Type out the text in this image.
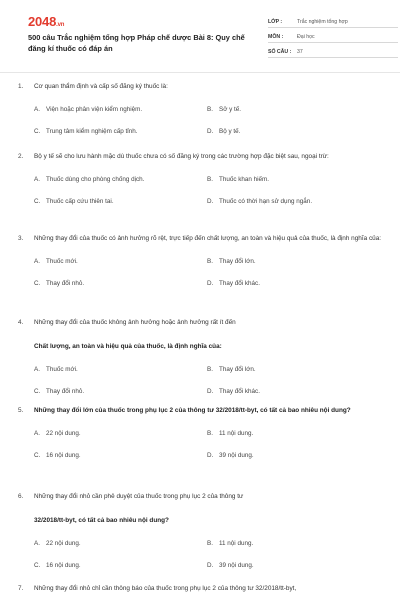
2048.vn
500 câu Trắc nghiệm tổng hợp Pháp chế dược Bài 8: Quy chế đăng kí thuốc có đáp án
LỚP :	Trắc nghiệm tổng hợp
MÔN :	Đại học
SỐ CÂU :	37
1.	Cơ quan thẩm định và cấp số đăng ký thuốc là:
A. Viện hoặc phân viện kiểm nghiệm.	B. Sở y tế.
C. Trung tâm kiểm nghiệm cấp tỉnh.	D. Bộ y tế.
2.	Bộ y tế sẽ cho lưu hành mặc dù thuốc chưa có số đăng ký trong các trường hợp đặc biệt sau, ngoại trừ:
A. Thuốc dùng cho phòng chống dịch.	B. Thuốc khan hiếm.
C. Thuốc cấp cứu thiên tai.	D. Thuốc có thời hạn sử dụng ngắn.
3.	Những thay đổi của thuốc có ảnh hưởng rõ rệt, trực tiếp đến chất lượng, an toàn và hiệu quả của thuốc, là định nghĩa của:
A. Thuốc mới.	B. Thay đổi lớn.
C. Thay đổi nhỏ.	D. Thay đổi khác.
4.	Những thay đổi của thuốc không ảnh hưởng hoặc ảnh hưởng rất ít đến
Chất lượng, an toàn và hiệu quả của thuốc, là định nghĩa của:
A. Thuốc mới.	B. Thay đổi lớn.
C. Thay đổi nhỏ.	D. Thay đổi khác.
5.	Những thay đổi lớn của thuốc trong phụ lục 2 của thông tư 32/2018/tt-byt, có tất cả bao nhiêu nội dung?
A. 22 nội dung.	B. 11 nội dung.
C. 16 nội dung.	D. 39 nội dung.
6.	Những thay đổi nhỏ cần phê duyệt của thuốc trong phụ lục 2 của thông tư
32/2018/tt-byt, có tất cả bao nhiêu nội dung?
A. 22 nội dung.	B. 11 nội dung.
C. 16 nội dung.	D. 39 nội dung.
7.	Những thay đổi nhỏ chỉ cần thông báo của thuốc trong phụ lục 2 của thông tư 32/2018/tt-byt,
